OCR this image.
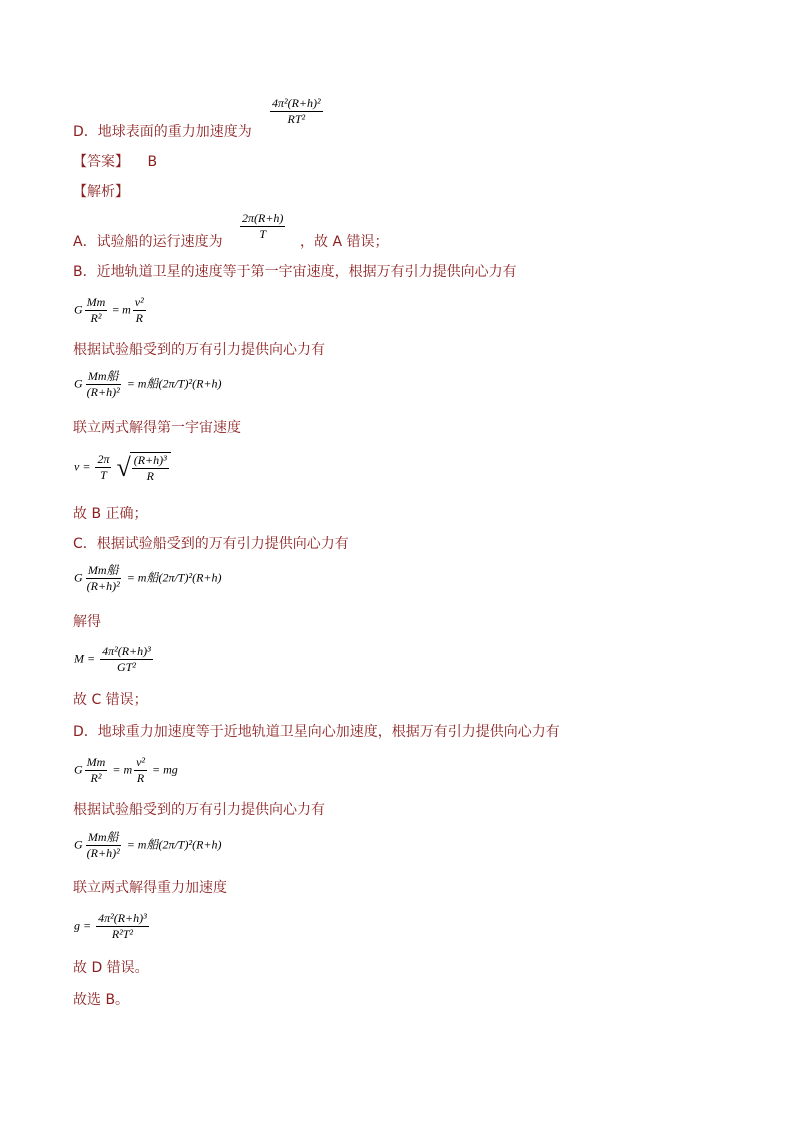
D．地球表面的重力加速度为
$\frac{\text{4π²(R+h)²}}{\text{RT²}}$
【答案】 B
【解析】
A．试验船的运行速度为
$\frac{2\pi(R+h)}{T}$
，故 A 错误；
B．近地轨道卫星的速度等于第一宇宙速度，根据万有引力提供向心力有
G $\frac{Mm}{\text{R²}} = m \frac{\text{v²}}{R}$
根据试验船受到的万有引力提供向心力有
G $\frac{\text{Mm船}}{\text{(R+h)²}} = m$船(2π/T)²(R+h)
联立两式解得第一宇宙速度
$v = \frac{2\pi}{T}$
√ $\frac{\text{(R+h)³}}{R}$
故 B 正确；
C．根据试验船受到的万有引力提供向心力有
G $\frac{\text{Mm船}}{\text{(R+h)²}} = m$船(2π/T)²(R+h)
解得
$M = \frac{\text{4π²(R+h)³}}{\text{GT²}}$
故 C 错误；
D．地球重力加速度等于近地轨道卫星向心加速度，根据万有引力提供向心力有
G $\frac{Mm}{\text{R²}} = m \frac{\text{v²}}{R}$ = mg
根据试验船受到的万有引力提供向心力有
G $\frac{\text{Mm船}}{\text{(R+h)²}} = m$船(2π/T)²(R+h)
联立两式解得重力加速度
$g = \frac{\text{4π²(R+h)³}}{\text{R²T²}}$
故 D 错误。
故选 B。
